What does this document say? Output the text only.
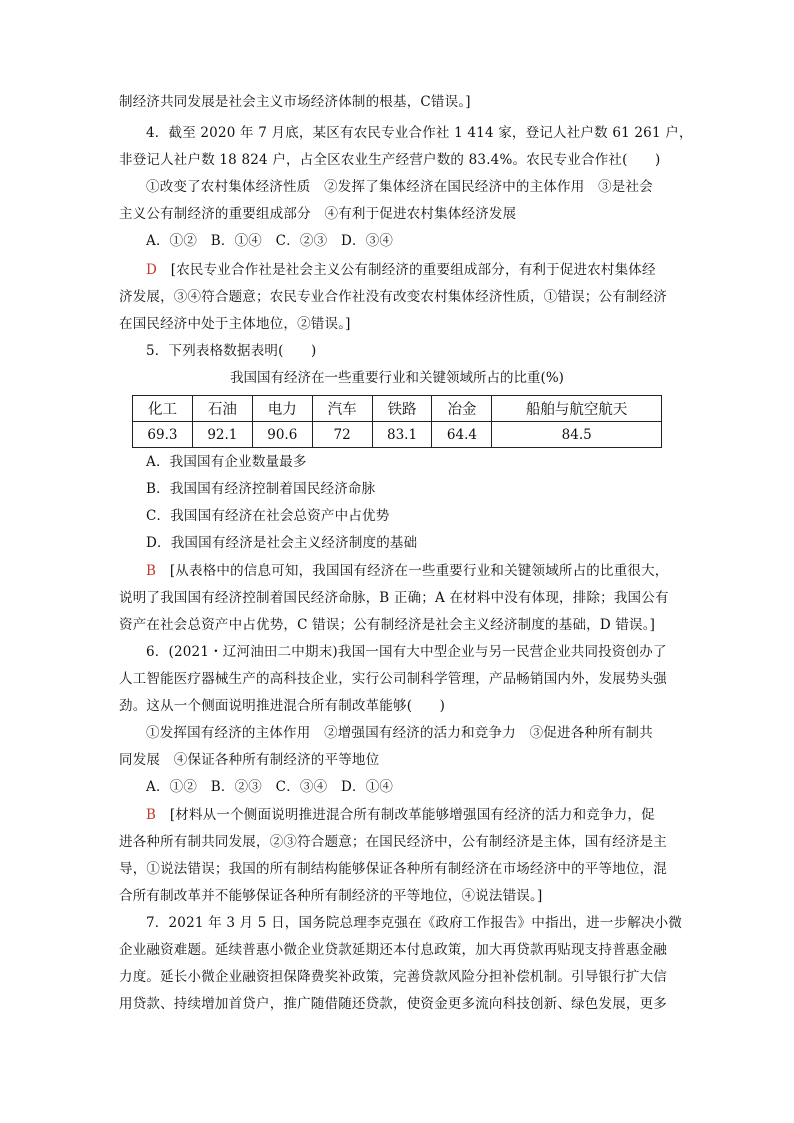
制经济共同发展是社会主义市场经济体制的根基，C错误。]
4．截至 2020 年 7 月底，某区有农民专业合作社 1 414 家，登记人社户数 61 261 户，
非登记人社户数 18 824 户，占全区农业生产经营户数的 83.4%。农民专业合作社(　　)
①改变了农村集体经济性质　②发挥了集体经济在国民经济中的主体作用　③是社会
主义公有制经济的重要组成部分　④有利于促进农村集体经济发展
A．①②　B．①④　C．②③　D．③④
D　 [农民专业合作社是社会主义公有制经济的重要组成部分，有利于促进农村集体经
济发展，③④符合题意；农民专业合作社没有改变农村集体经济性质，①错误；公有制经济
在国民经济中处于主体地位，②错误。]
5．下列表格数据表明(　　)
我国国有经济在一些重要行业和关键领域所占的比重(%)
化工	石油	电力	汽车	铁路	冶金	船舶与航空航天
69.3	92.1	90.6	72	83.1	64.4	84.5
A．我国国有企业数量最多
B．我国国有经济控制着国民经济命脉
C．我国国有经济在社会总资产中占优势
D．我国国有经济是社会主义经济制度的基础
B　 [从表格中的信息可知，我国国有经济在一些重要行业和关键领域所占的比重很大，
说明了我国国有经济控制着国民经济命脉，B 正确；A 在材料中没有体现，排除；我国公有
资产在社会总资产中占优势，C 错误；公有制经济是社会主义经济制度的基础，D 错误。]
6．(2021・辽河油田二中期末)我国一国有大中型企业与另一民营企业共同投资创办了
人工智能医疗器械生产的高科技企业，实行公司制科学管理，产品畅销国内外，发展势头强
劲。这从一个侧面说明推进混合所有制改革能够(　　)
①发挥国有经济的主体作用　②增强国有经济的活力和竞争力　③促进各种所有制共
同发展　④保证各种所有制经济的平等地位
A．①②　B．②③　C．③④　D．①④
B　 [材料从一个侧面说明推进混合所有制改革能够增强国有经济的活力和竞争力，促
进各种所有制共同发展，②③符合题意；在国民经济中，公有制经济是主体，国有经济是主
导，①说法错误；我国的所有制结构能够保证各种所有制经济在市场经济中的平等地位，混
合所有制改革并不能够保证各种所有制经济的平等地位，④说法错误。]
7．2021 年 3 月 5 日，国务院总理李克强在《政府工作报告》中指出，进一步解决小微
企业融资难题。延续普惠小微企业贷款延期还本付息政策，加大再贷款再贴现支持普惠金融
力度。延长小微企业融资担保降费奖补政策，完善贷款风险分担补偿机制。引导银行扩大信
用贷款、持续增加首贷户，推广随借随还贷款，使资金更多流向科技创新、绿色发展，更多
